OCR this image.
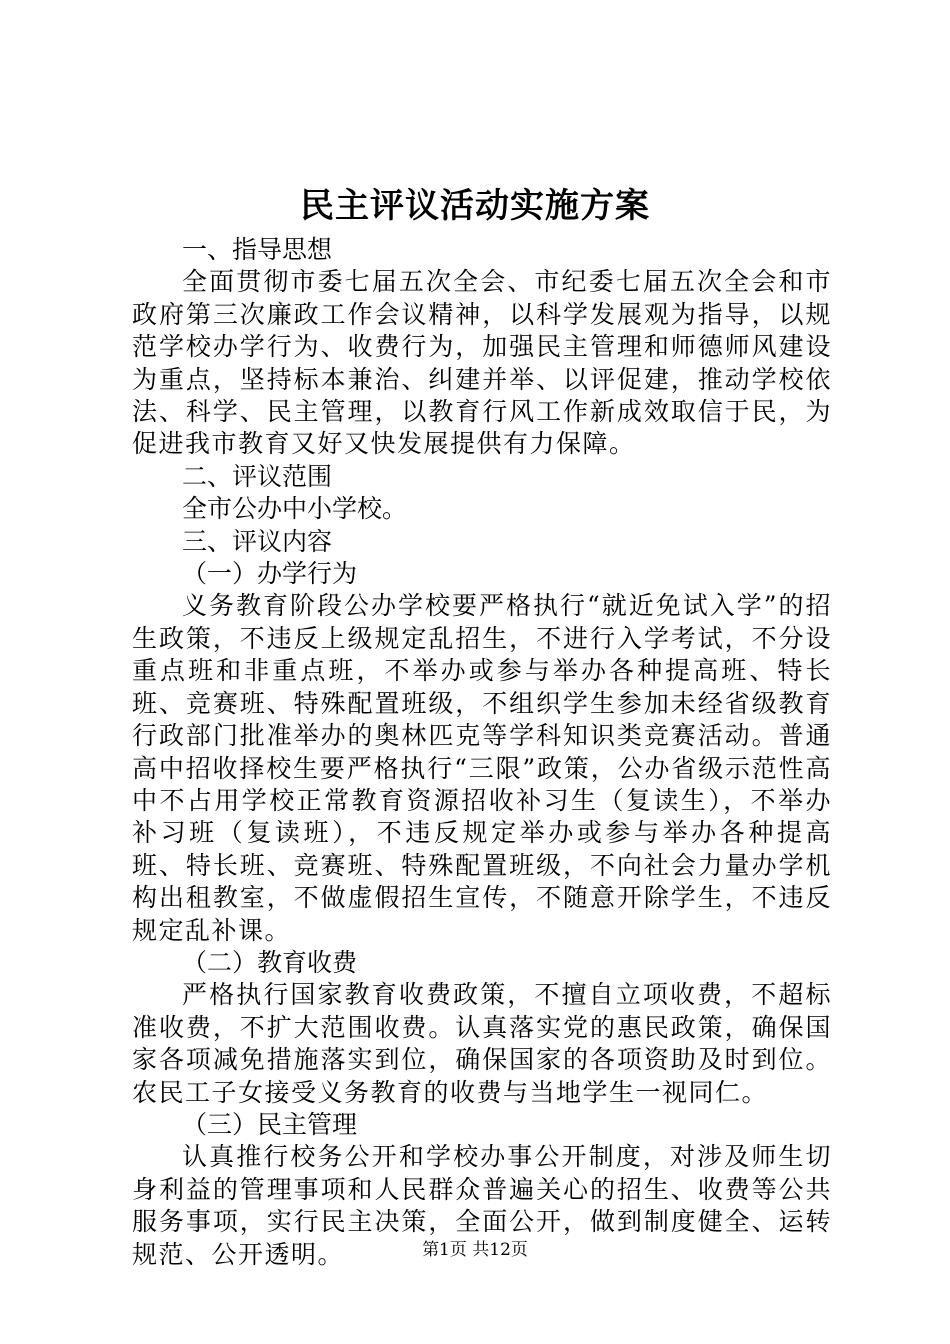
民主评议活动实施方案

一、指导思想

全面贯彻市委七届五次全会、市纪委七届五次全会和市政府第三次廉政工作会议精神，以科学发展观为指导，以规范学校办学行为、收费行为，加强民主管理和师德师风建设为重点，坚持标本兼治、纠建并举、以评促建，推动学校依法、科学、民主管理，以教育行风工作新成效取信于民，为促进我市教育又好又快发展提供有力保障。

二、评议范围

全市公办中小学校。

三、评议内容

（一）办学行为

义务教育阶段公办学校要严格执行“就近免试入学”的招生政策，不违反上级规定乱招生，不进行入学考试，不分设重点班和非重点班，不举办或参与举办各种提高班、特长班、竞赛班、特殊配置班级，不组织学生参加未经省级教育行政部门批准举办的奥林匹克等学科知识类竞赛活动。普通高中招收择校生要严格执行“三限”政策，公办省级示范性高中不占用学校正常教育资源招收补习生（复读生），不举办补习班（复读班），不违反规定举办或参与举办各种提高班、特长班、竞赛班、特殊配置班级，不向社会力量办学机构出租教室，不做虚假招生宣传，不随意开除学生，不违反规定乱补课。

（二）教育收费

严格执行国家教育收费政策，不擅自立项收费，不超标准收费，不扩大范围收费。认真落实党的惠民政策，确保国家各项减免措施落实到位，确保国家的各项资助及时到位。农民工子女接受义务教育的收费与当地学生一视同仁。

（三）民主管理

认真推行校务公开和学校办事公开制度，对涉及师生切身利益的管理事项和人民群众普遍关心的招生、收费等公共服务事项，实行民主决策，全面公开，做到制度健全、运转规范、公开透明。	第1页 共12页
